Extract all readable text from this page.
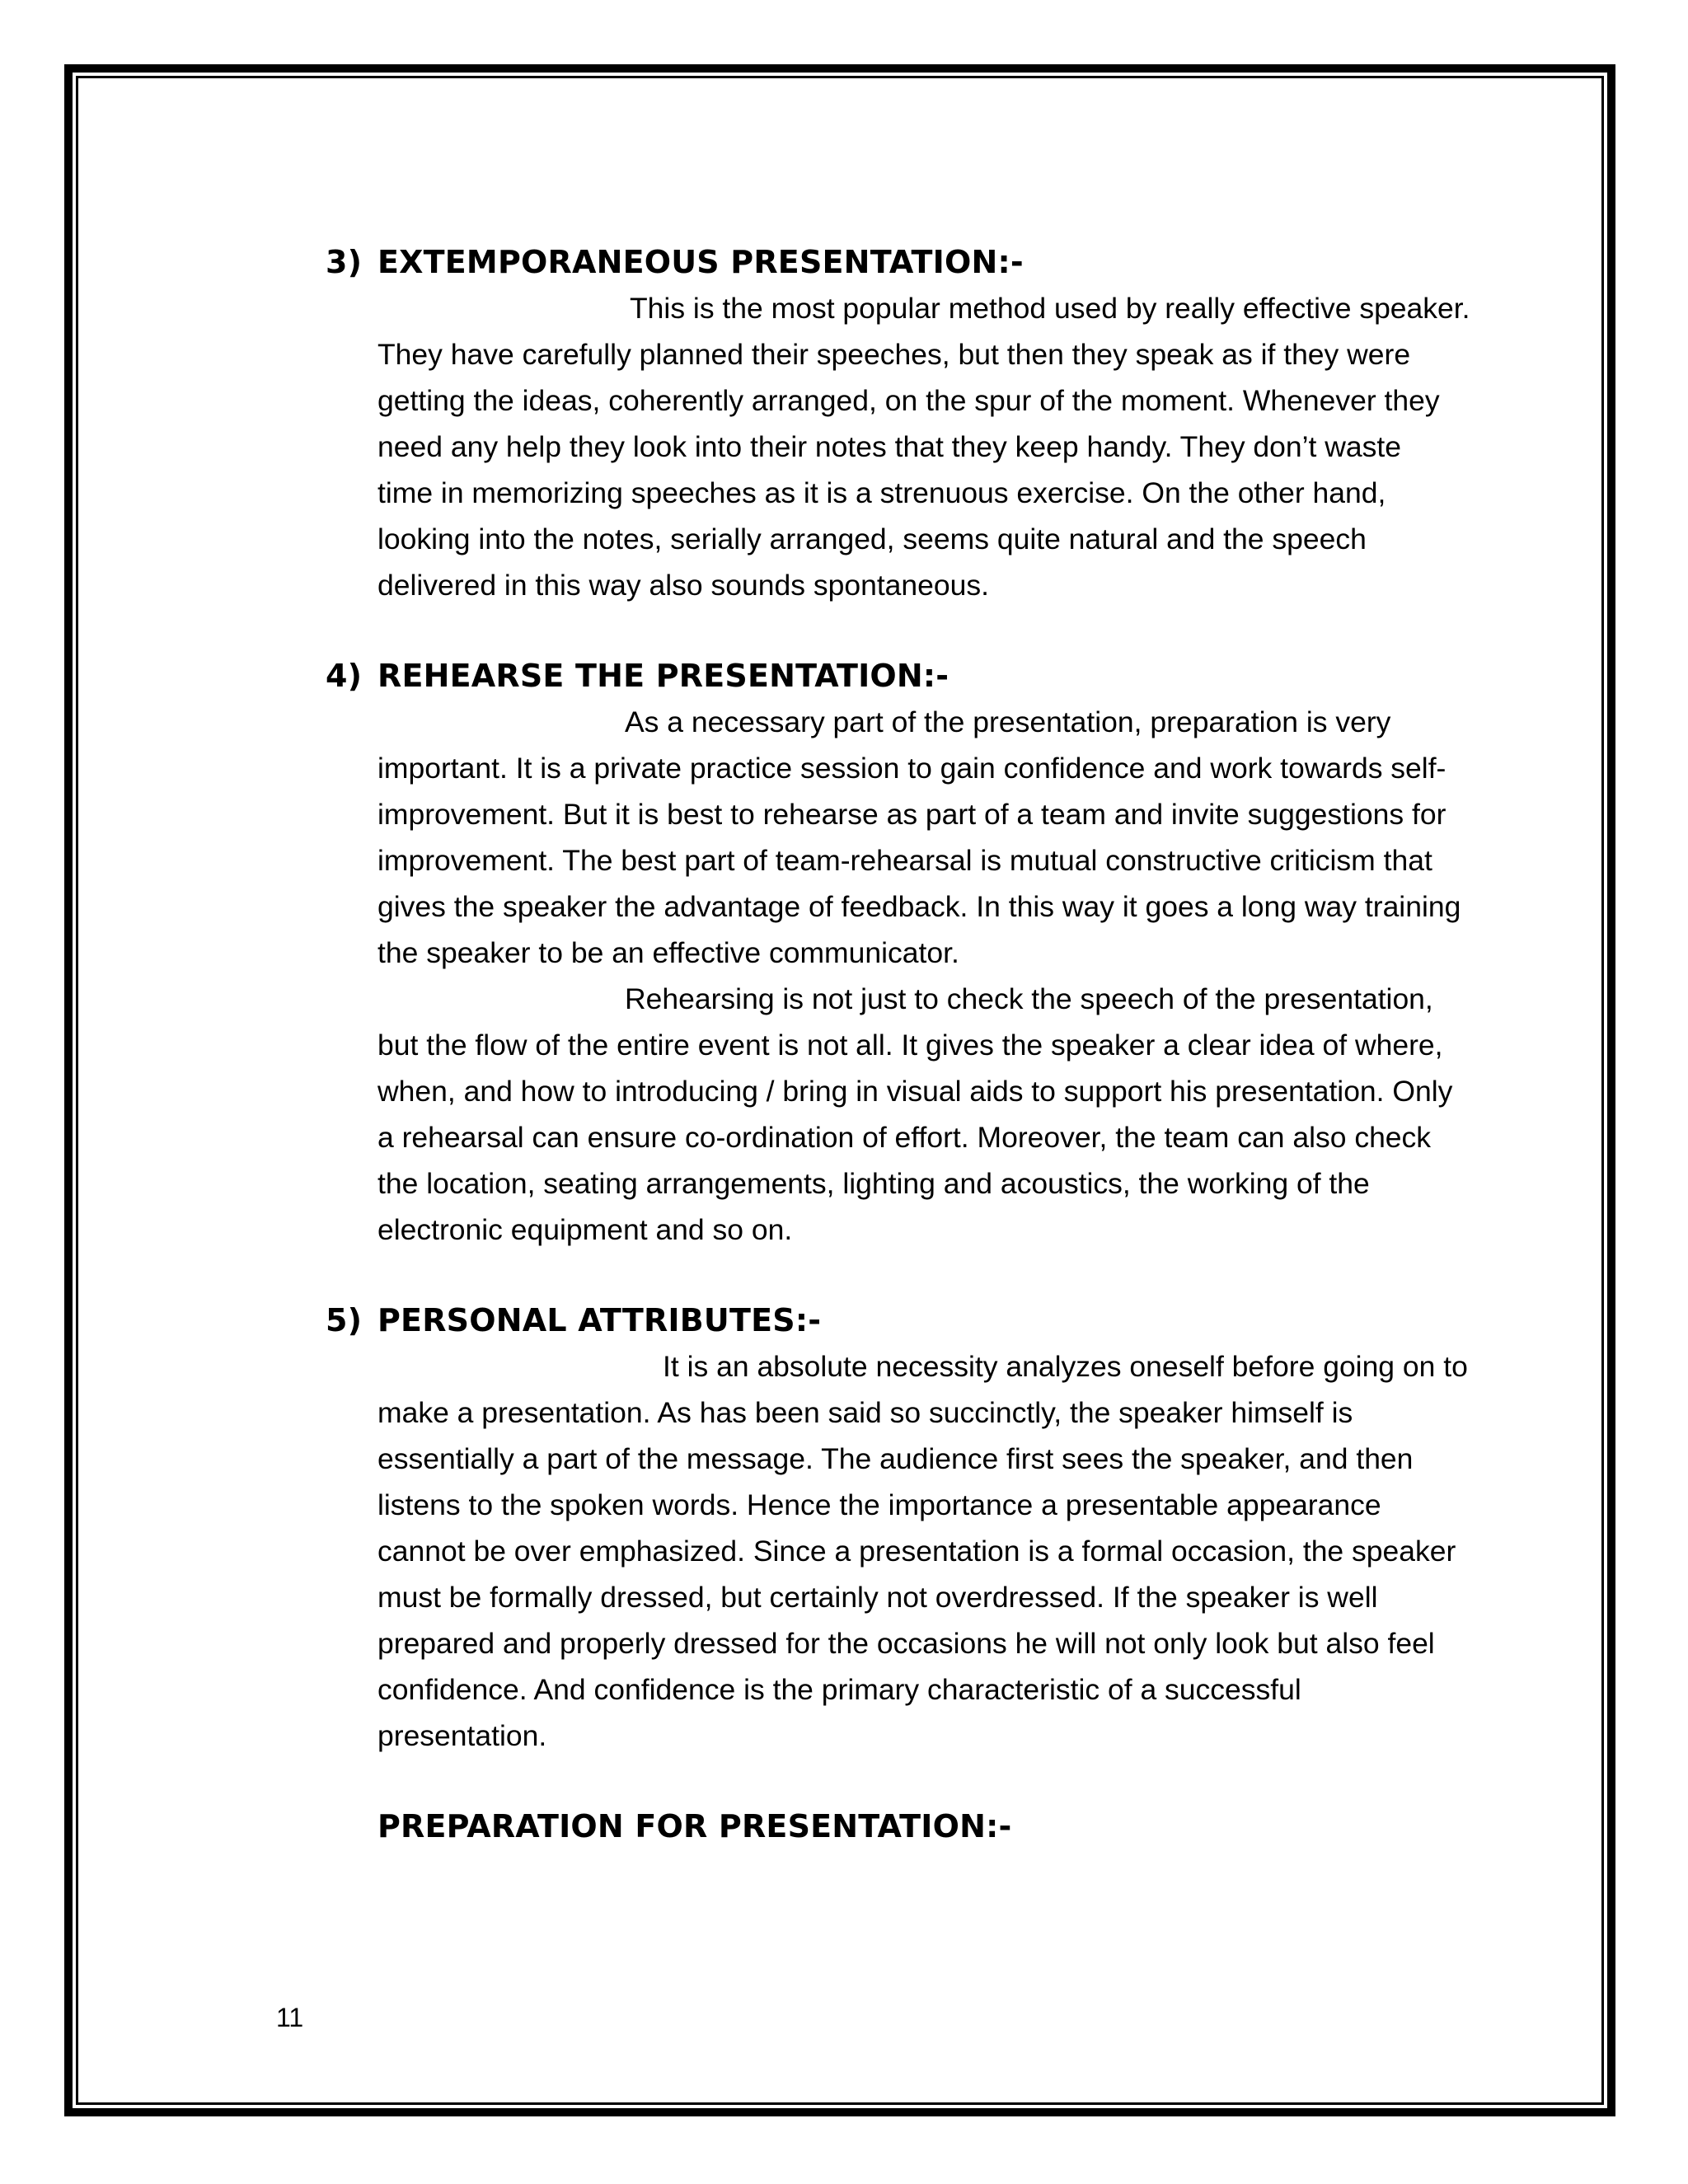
3) EXTEMPORANEOUS PRESENTATION:-

This is the most popular method used by really effective speaker.
They have carefully planned their speeches, but then they speak as if they were
getting the ideas, coherently arranged, on the spur of the moment. Whenever they
need any help they look into their notes that they keep handy. They don’t waste
time in memorizing speeches as it is a strenuous exercise. On the other hand,
looking into the notes, serially arranged, seems quite natural and the speech
delivered in this way also sounds spontaneous.

4) REHEARSE THE PRESENTATION:-

As a necessary part of the presentation, preparation is very
important. It is a private practice session to gain confidence and work towards self-
improvement. But it is best to rehearse as part of a team and invite suggestions for
improvement. The best part of team-rehearsal is mutual constructive criticism that
gives the speaker the advantage of feedback. In this way it goes a long way training
the speaker to be an effective communicator.
Rehearsing is not just to check the speech of the presentation,
but the flow of the entire event is not all. It gives the speaker a clear idea of where,
when, and how to introducing / bring in visual aids to support his presentation. Only
a rehearsal can ensure co-ordination of effort. Moreover, the team can also check
the location, seating arrangements, lighting and acoustics, the working of the
electronic equipment and so on.

5) PERSONAL ATTRIBUTES:-

It is an absolute necessity analyzes oneself before going on to
make a presentation. As has been said so succinctly, the speaker himself is
essentially a part of the message. The audience first sees the speaker, and then
listens to the spoken words. Hence the importance a presentable appearance
cannot be over emphasized. Since a presentation is a formal occasion, the speaker
must be formally dressed, but certainly not overdressed. If the speaker is well
prepared and properly dressed for the occasions he will not only look but also feel
confidence. And confidence is the primary characteristic of a successful
presentation.

PREPARATION FOR PRESENTATION:-
11
